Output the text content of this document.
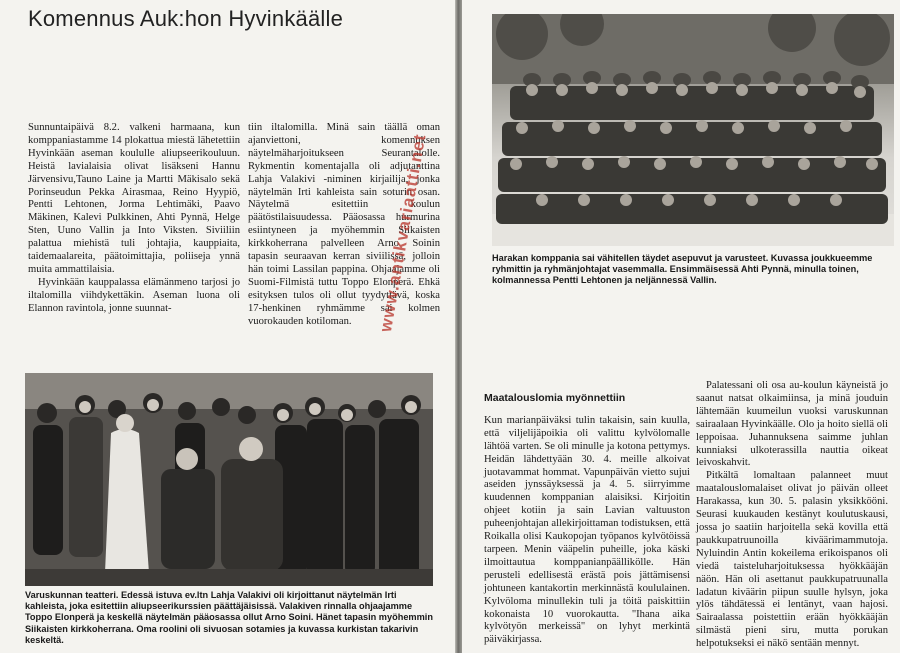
Komennus Auk:hon Hyvinkäälle

Sunnuntaipäivä 8.2. valkeni harmaana, kun komppaniastamme 14 plokattua miestä lähetettiin Hyvinkään aseman koululle aliupseerikouluun. Heistä lavialaisia olivat lisäkseni Hannu Järvensivu,Tauno Laine ja Martti Mäkisalo sekä Porinseudun Pekka Airasmaa, Reino Hyypiö, Pentti Lehtonen, Jorma Lehtimäki, Paavo Mäkinen, Kalevi Pulkkinen, Ahti Pynnä, Helge Sten, Uuno Vallin ja Into Viksten. Siviiliin palattua miehistä tuli johtajia, kauppiaita, taidemaalareita, päätoimittajia, poliiseja ynnä muita ammattilaisia.

Hyvinkään kauppalassa elämänmeno tarjosi jo iltalomilla viihdykettäkin. Aseman luona oli Elannon ravintola, jonne suunnat-

tiin iltalomilla. Minä sain täällä oman ajanviettoni, komennuksen näytelmäharjoitukseen Seurantalolle. Rykmentin komentajalla oli adjutanttina Lahja Valakivi -niminen kirjailija, jonka näytelmän Irti kahleista sain soturin osan. Näytelmä esitettiin koulun päätöstilaisuudessa. Pääosassa hurmurina esiintyneen ja myöhemmin Siikaisten kirkkoherrana palvelleen Arno Soinin tapasin seuraavan kerran siviilissä, jolloin hän toimi Lassilan pappina. Ohjaajamme oli Suomi-Filmistä tuttu Toppo Elonperä. Ehkä esityksen tulos oli ollut tyydyttävä, koska 17-henkinen ryhmämme sai kolmen vuorokauden kotiloman.

Varuskunnan teatteri. Edessä istuva ev.ltn Lahja Valakivi oli kirjoittanut näytelmän Irti kahleista, joka esitettiin aliupseerikurssien päättäjäisissä. Valakiven rinnalla ohjaajamme Toppo Elonperä ja keskellä näytelmän pääosassa ollut Arno Soini. Hänet tapasin myöhemmin Siikaisten kirkkoherrana. Oma roolini oli sivuosan sotamies ja kuvassa kurkistan takarivin keskeltä.
www.antikvariaatti.net	Harakan komppania sai vähitellen täydet asepuvut ja varusteet. Kuvassa joukkueemme ryhmittin ja ryhmänjohtajat vasemmalla. Ensimmäisessä Ahti Pynnä, minulla toinen, kolmannessa Pentti Lehtonen ja neljännessä Vallin.
Maatalouslomia myönnettiin

Kun marianpäiväksi tulin takaisin, sain kuulla, että viljelijäpoikia oli valittu kylvölomalle lähtöä varten. Se oli minulle ja kotona pettymys. Heidän lähdettyään 30. 4. meille alkoivat juotavammat hommat. Vapunpäivän vietto sujui aseiden jynssäyksessä ja 4. 5. siirryimme kuudennen komppanian alaisiksi. Kirjoitin ohjeet kotiin ja sain Lavian valtuuston puheenjohtajan allekirjoittaman todistuksen, että Roikalla olisi Kaukopojan työpanos kylvötöissä tarpeen. Menin vääpelin puheille, joka käski ilmoittautua komppanianpäällikölle. Hän perusteli edellisestä erästä pois jättämisensi johtuneen kantakortin merkinnästä koululainen. Kylvöloma minullekin tuli ja töitä paiskittiin kokonaista 10 vuorokautta. "Ihana aika kylvötyön merkeissä" on lyhyt merkintä päiväkirjassa.

Palatessani oli osa au-koulun käyneistä jo saanut natsat olkaimiinsa, ja minä jouduin lähtemään kuumeilun vuoksi varuskunnan sairaalaan Hyvinkäälle. Olo ja hoito siellä oli leppoisaa. Juhannuksena saimme juhlan kunniaksi ulkoterassilla nauttia oikeat leivoskahvit.

Pitkältä lomaltaan palanneet muut maatalouslomalaiset olivat jo päivän olleet Harakassa, kun 30. 5. palasin yksikkööni. Seurasi kuukauden kestänyt koulutuskausi, jossa jo saatiin harjoitella sekä kovilla että paukkupatruunoilla kiväärimammutoja. Nyluindin Antin kokeilema erikoispanos oli viedä taisteluharjoituksessa hyökkääjän näön. Hän oli asettanut paukkupatruunalla ladatun kiväärin piipun suulle hylsyn, joka ylös tähdätessä ei lentänyt, vaan hajosi. Sairaalassa poistettiin erään hyökkääjän silmästä pieni siru, mutta porukan helpotukseksi ei näkö sentään mennyt.
